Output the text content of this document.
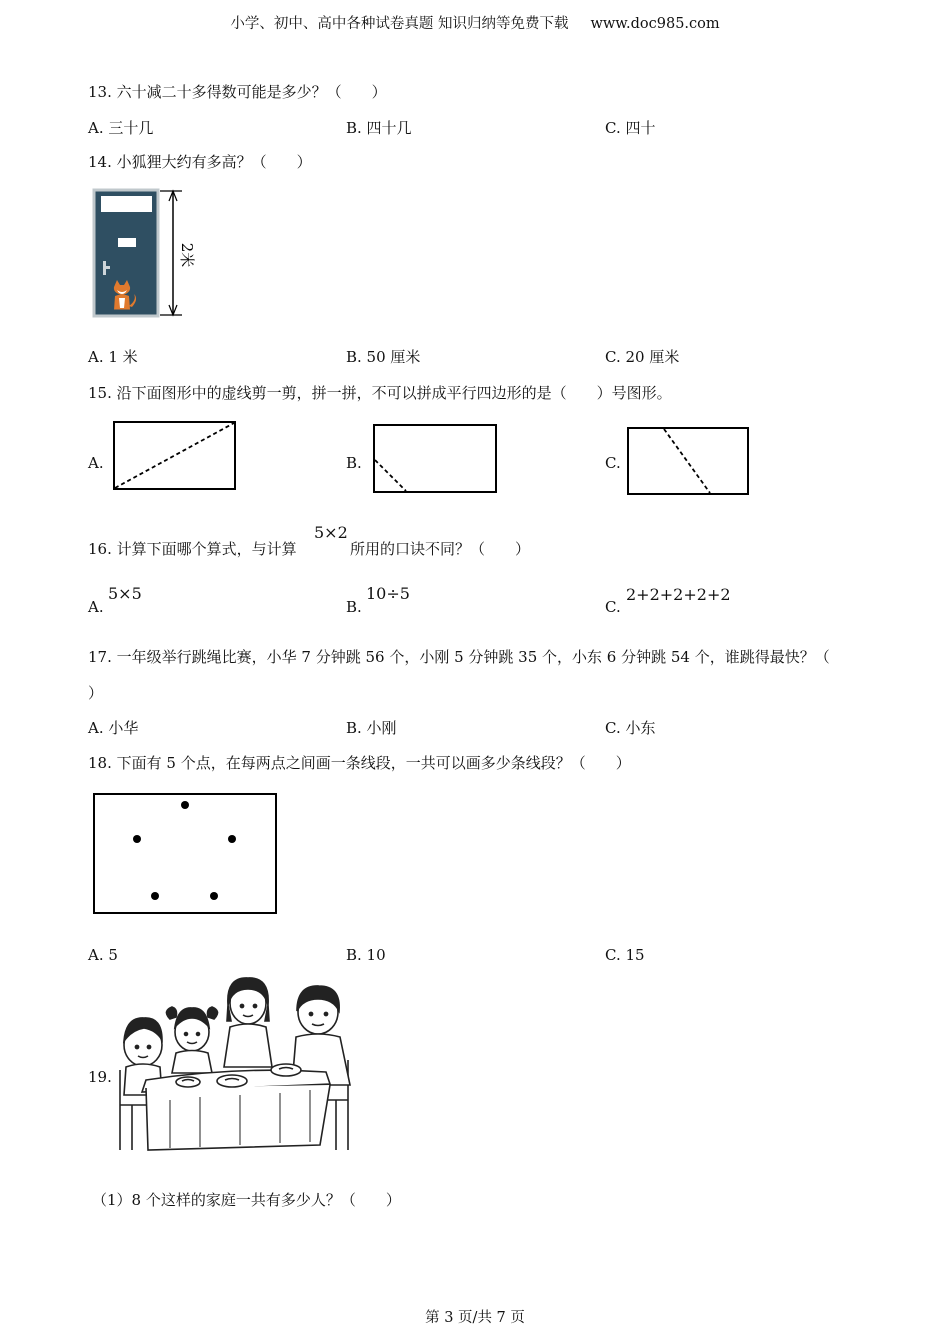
小学、初中、高中各种试卷真题 知识归纳等免费下载 www.doc985.com
13. 六十减二十多得数可能是多少？（　　）
A. 三十几	B. 四十几	C. 四十
14. 小狐狸大约有多高？（　　）
2米
A. 1 米	B. 50 厘米	C. 20 厘米
15. 沿下面图形中的虚线剪一剪，拼一拼，不可以拼成平行四边形的是（　　）号图形。
A.	B.	C.
16. 计算下面哪个算式，与计算
5×2
所用的口诀不同？（　　）
A.
5×5
B.
10÷5
C.
2+2+2+2+2
17. 一年级举行跳绳比赛，小华 7 分钟跳 56 个，小刚 5 分钟跳 35 个，小东 6 分钟跳 54 个，谁跳得最快？（
）
A. 小华	B. 小刚	C. 小东
18. 下面有 5 个点，在每两点之间画一条线段，一共可以画多少条线段？（　　）
A. 5	B. 10	C. 15
19.
（1）8 个这样的家庭一共有多少人？（　　）
第 3 页/共 7 页
